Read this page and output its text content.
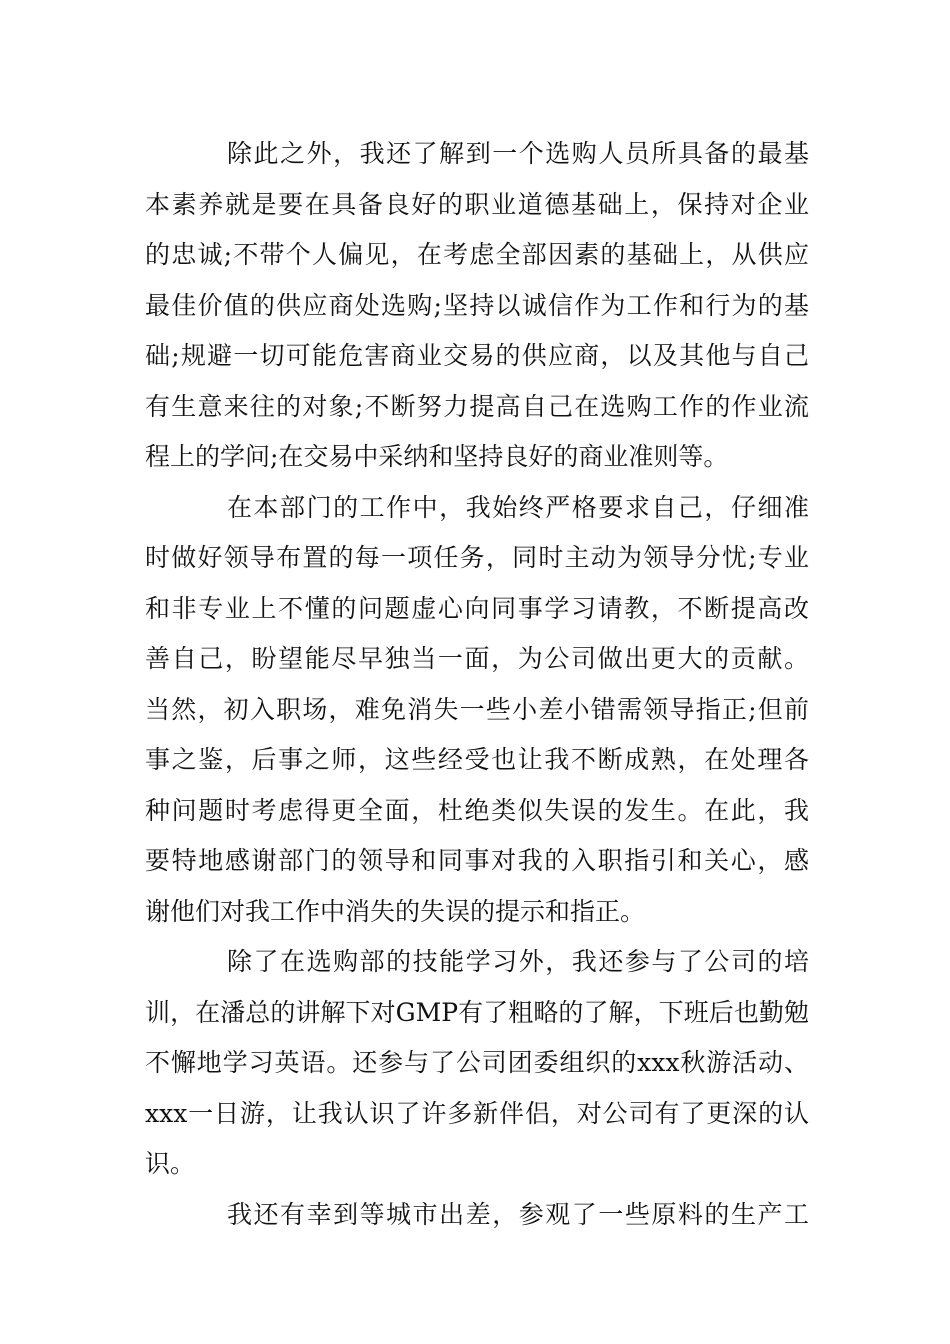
除此之外，我还了解到一个选购人员所具备的最基
本素养就是要在具备良好的职业道德基础上，保持对企业
的忠诚;不带个人偏见，在考虑全部因素的基础上，从供应
最佳价值的供应商处选购;坚持以诚信作为工作和行为的基
础;规避一切可能危害商业交易的供应商，以及其他与自己
有生意来往的对象;不断努力提高自己在选购工作的作业流
程上的学问;在交易中采纳和坚持良好的商业准则等。
在本部门的工作中，我始终严格要求自己，仔细准
时做好领导布置的每一项任务，同时主动为领导分忧;专业
和非专业上不懂的问题虚心向同事学习请教，不断提高改
善自己，盼望能尽早独当一面，为公司做出更大的贡献。
当然，初入职场，难免消失一些小差小错需领导指正;但前
事之鉴，后事之师，这些经受也让我不断成熟，在处理各
种问题时考虑得更全面，杜绝类似失误的发生。在此，我
要特地感谢部门的领导和同事对我的入职指引和关心，感
谢他们对我工作中消失的失误的提示和指正。
除了在选购部的技能学习外，我还参与了公司的培
训，在潘总的讲解下对GMP有了粗略的了解，下班后也勤勉
不懈地学习英语。还参与了公司团委组织的xxx秋游活动、
xxx一日游，让我认识了许多新伴侣，对公司有了更深的认
识。
我还有幸到等城市出差，参观了一些原料的生产工
